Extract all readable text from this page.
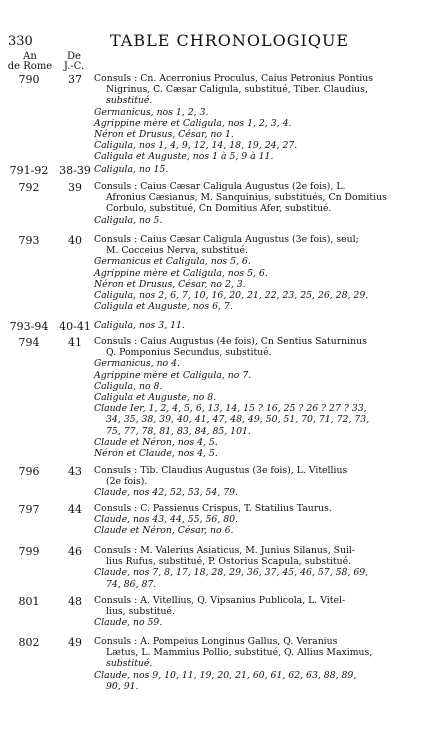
330	TABLE CHRONOLOGIQUE
An
de Rome
De
J.-C.
790	37	Consuls : Cn. Acerronius Proculus, Caius Petronius Pontius
Nigrinus, C. Cæsar Caligula, substitué, Tiber. Claudius,
substitué.
Germanicus, nos 1, 2, 3.
Agrippine mère et Caligula, nos 1, 2, 3, 4.
Néron et Drusus, César, no 1.
Caligula, nos 1, 4, 9, 12, 14, 18, 19, 24, 27.
Caligula et Auguste, nos 1 à 5, 9 à 11.
791-92 38-39 Caligula, no 15.
792	39	Consuls : Caius Cæsar Caligula Augustus (2e fois), L.
Afronius Cæsianus, M. Sanquinius, substitués, Cn Domitius
Corbulo, substitué, Cn Domitius Afer, substitué.
Caligula, no 5.
793	40	Consuls : Caius Cæsar Caligula Augustus (3e fois), seul;
M. Cocceius Nerva, substitué.
Germanicus et Caligula, nos 5, 6.
Agrippine mère et Caligula, nos 5, 6.
Néron et Drusus, César, no 2, 3.
Caligula, nos 2, 6, 7, 10, 16, 20, 21, 22, 23, 25, 26, 28, 29.
Caligula et Auguste, nos 6, 7.
793-94 40-41 Caligula, nos 3, 11.
794	41	Consuls : Caius Augustus (4e fois), Cn Sentius Saturninus
Q. Pomponius Secundus, substitué.
Germanicus, no 4.
Agrippine mère et Caligula, no 7.
Caligula, no 8.
Caligula et Auguste, no 8.
Claude Ier, 1, 2, 4, 5, 6, 13, 14, 15 ? 16, 25 ? 26 ? 27 ? 33,
34, 35, 38, 39, 40, 41, 47, 48, 49, 50, 51, 70, 71, 72, 73,
75, 77, 78, 81, 83, 84, 85, 101.
Claude et Néron, nos 4, 5.
Néron et Claude, nos 4, 5.
796	43	Consuls : Tib. Claudius Augustus (3e fois), L. Vitellius
(2e fois).
Claude, nos 42, 52, 53, 54, 79.
797	44	Consuls : C. Passienus Crispus, T. Statilius Taurus.
Claude, nos 43, 44, 55, 56, 80.
Claude et Néron, César, no 6.
799	46	Consuls : M. Valerius Asiaticus, M. Junius Silanus, Suil-
lius Rufus, substitué, P. Ostorius Scapula, substitué.
Claude, nos 7, 8, 17, 18, 28, 29, 36, 37, 45, 46, 57, 58, 69,
74, 86, 87.
801	48	Consuls : A. Vitellius, Q. Vipsanius Publicola, L. Vitel-
lius, substitué.
Claude, no 59.
802	49	Consuls : A. Pompeius Longinus Gallus, Q. Veranius
Lætus, L. Mammius Pollio, substitué, Q. Allius Maximus,
substitué.
Claude, nos 9, 10, 11, 19, 20, 21, 60, 61, 62, 63, 88, 89,
90, 91.
